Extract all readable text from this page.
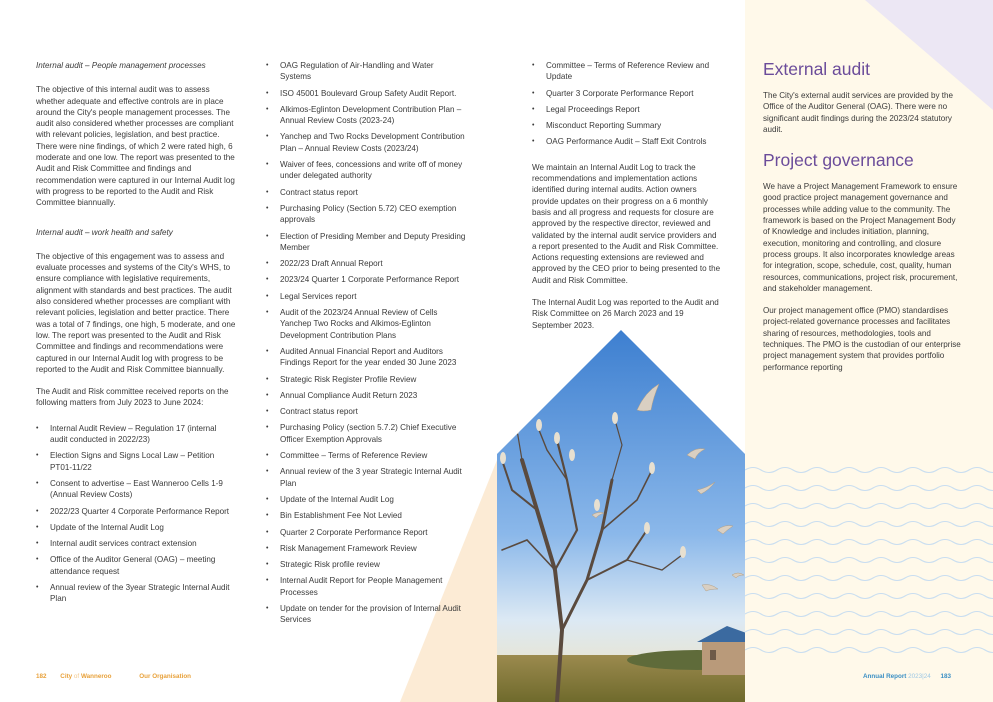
Internal audit – People management processes

The objective of this internal audit was to assess whether adequate and effective controls are in place around the City's people management processes. The audit also considered whether processes are compliant with relevant policies, legislation, and best practice. There were nine findings, of which 2 were rated high, 6 moderate and one low. The report was presented to the Audit and Risk Committee and findings and recommendation were captured in our Internal Audit log with progress to be reported to the Audit and Risk Committee biannually.

Internal audit – work health and safety

The objective of this engagement was to assess and evaluate processes and systems of the City's WHS, to ensure compliance with legislative requirements, alignment with standards and best practices. The audit also considered whether processes are compliant with relevant policies, legislation and better practice. There was a total of 7 findings, one high, 5 moderate, and one low. The report was presented to the Audit and Risk Committee and findings and recommendations were captured in our Internal Audit log with progress to be reported to the Audit and Risk Committee biannually.

The Audit and Risk committee received reports on the following matters from July 2023 to June 2024:

• Internal Audit Review – Regulation 17 (internal audit conducted in 2022/23)
• Election Signs and Signs Local Law – Petition PT01-11/22
• Consent to advertise – East Wanneroo Cells 1-9 (Annual Review Costs)
• 2022/23 Quarter 4 Corporate Performance Report
• Update of the Internal Audit Log
• Internal audit services contract extension
• Office of the Auditor General (OAG) – meeting attendance request
• Annual review of the 3year Strategic Internal Audit Plan
• OAG Regulation of Air-Handling and Water Systems
• ISO 45001 Boulevard Group Safety Audit Report.
• Alkimos-Eglinton Development Contribution Plan – Annual Review Costs (2023-24)
• Yanchep and Two Rocks Development Contribution Plan – Annual Review Costs (2023/24)
• Waiver of fees, concessions and write off of money under delegated authority
• Contract status report
• Purchasing Policy (Section 5.72) CEO exemption approvals
• Election of Presiding Member and Deputy Presiding Member
• 2022/23 Draft Annual Report
• 2023/24 Quarter 1 Corporate Performance Report
• Legal Services report
• Audit of the 2023/24 Annual Review of Cells Yanchep Two Rocks and Alkimos-Eglinton Development Contribution Plans
• Audited Annual Financial Report and Auditors Findings Report for the year ended 30 June 2023
• Strategic Risk Register Profile Review
• Annual Compliance Audit Return 2023
• Contract status report
• Purchasing Policy (section 5.7.2) Chief Executive Officer Exemption Approvals
• Committee – Terms of Reference Review
• Annual review of the 3 year Strategic Internal Audit Plan
• Update of the Internal Audit Log
• Bin Establishment Fee Not Levied
• Quarter 2 Corporate Performance Report
• Risk Management Framework Review
• Strategic Risk profile review
• Internal Audit Report for People Management Processes
• Update on tender for the provision of Internal Audit Services
• Committee – Terms of Reference Review and Update
• Quarter 3 Corporate Performance Report
• Legal Proceedings Report
• Misconduct Reporting Summary
• OAG Performance Audit – Staff Exit Controls

We maintain an Internal Audit Log to track the recommendations and implementation actions identified during internal audits. Action owners provide updates on their progress on a 6 monthly basis and all progress and requests for closure are approved by the respective director, reviewed and validated by the internal audit service providers and a report presented to the Audit and Risk Committee. Actions requesting extensions are reviewed and approved by the CEO prior to being presented to the Audit and Risk Committee.

The Internal Audit Log was reported to the Audit and Risk Committee on 26 March 2023 and 19 September 2023.

External audit

The City's external audit services are provided by the Office of the Auditor General (OAG). There were no significant audit findings during the 2023/24 statutory audit.

Project governance

We have a Project Management Framework to ensure good practice project management governance and processes while adding value to the community. The framework is based on the Project Management Body of Knowledge and includes initiation, planning, execution, monitoring and controlling, and closure process groups. It also incorporates knowledge areas for integration, scope, schedule, cost, quality, human resources, communications, project risk, procurement, and stakeholder management.

Our project management office (PMO) standardises project-related governance processes and facilitates sharing of resources, methodologies, tools and techniques. The PMO is the custodian of our enterprise project management system that provides portfolio performance reporting

182 City of Wanneroo	Our Organisation	Annual Report 2023|24 183
